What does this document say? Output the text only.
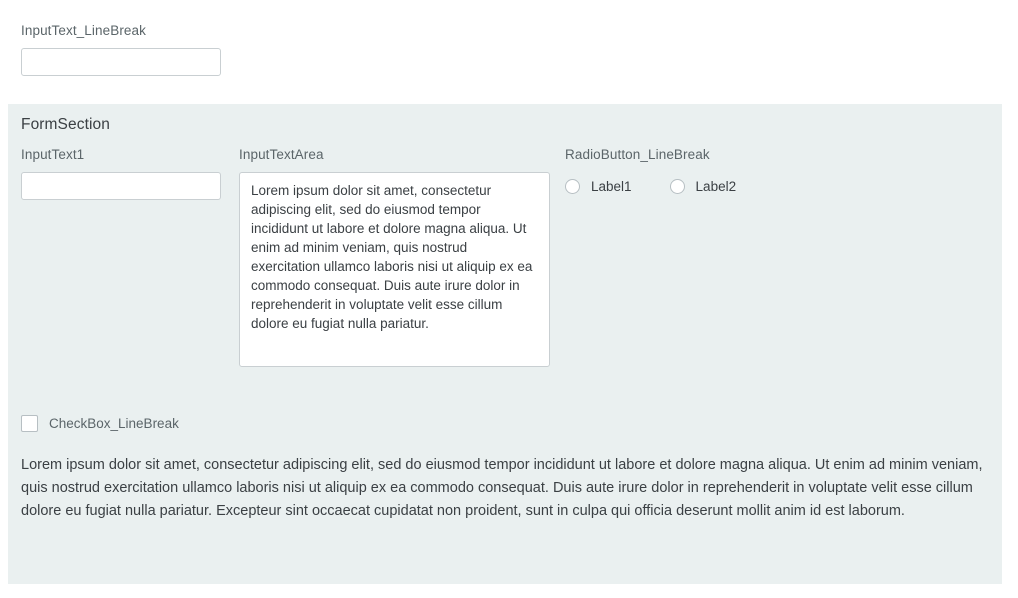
InputText_LineBreak
FormSection
InputText1	InputTextArea
Lorem ipsum dolor sit amet, consectetur adipiscing elit, sed do eiusmod tempor incididunt ut labore et dolore magna aliqua. Ut enim ad minim veniam, quis nostrud exercitation ullamco laboris nisi ut aliquip ex ea commodo consequat. Duis aute irure dolor in reprehenderit in voluptate velit esse cillum dolore eu fugiat nulla pariatur.	RadioButton_LineBreak
Label1	Label2
CheckBox_LineBreak
Lorem ipsum dolor sit amet, consectetur adipiscing elit, sed do eiusmod tempor incididunt ut labore et dolore magna aliqua. Ut enim ad minim veniam, quis nostrud exercitation ullamco laboris nisi ut aliquip ex ea commodo consequat. Duis aute irure dolor in reprehenderit in voluptate velit esse cillum dolore eu fugiat nulla pariatur. Excepteur sint occaecat cupidatat non proident, sunt in culpa qui officia deserunt mollit anim id est laborum.
